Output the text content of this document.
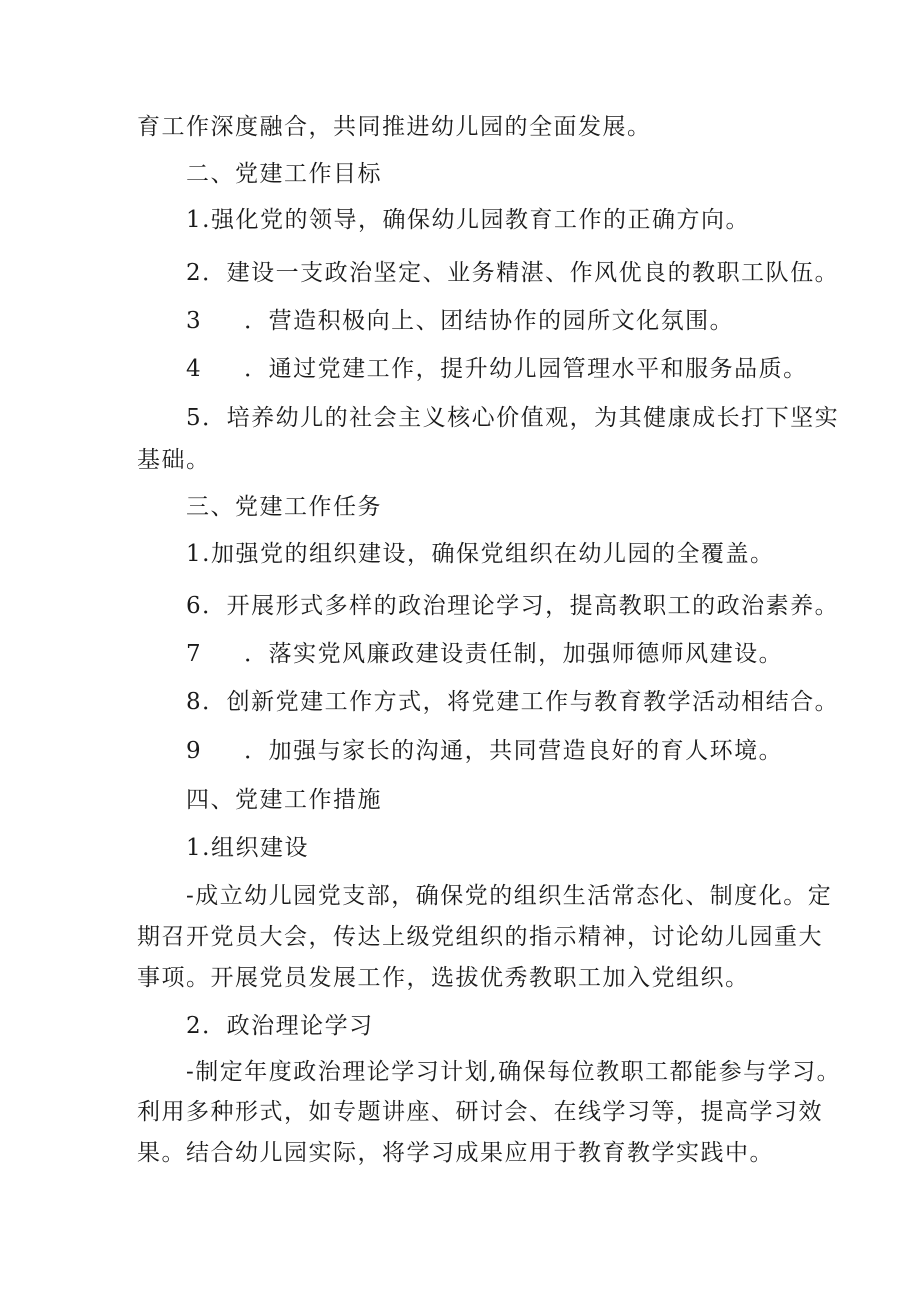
育工作深度融合，共同推进幼儿园的全面发展。
二、党建工作目标
1.强化党的领导，确保幼儿园教育工作的正确方向。
2．建设一支政治坚定、业务精湛、作风优良的教职工队伍。
3 ．营造积极向上、团结协作的园所文化氛围。
4 ．通过党建工作，提升幼儿园管理水平和服务品质。
5．培养幼儿的社会主义核心价值观，为其健康成长打下坚实
基础。
三、党建工作任务
1.加强党的组织建设，确保党组织在幼儿园的全覆盖。
6．开展形式多样的政治理论学习，提高教职工的政治素养。
7 ．落实党风廉政建设责任制，加强师德师风建设。
8．创新党建工作方式，将党建工作与教育教学活动相结合。
9 ．加强与家长的沟通，共同营造良好的育人环境。
四、党建工作措施
1.组织建设
-成立幼儿园党支部，确保党的组织生活常态化、制度化。定
期召开党员大会，传达上级党组织的指示精神，讨论幼儿园重大
事项。开展党员发展工作，选拔优秀教职工加入党组织。
2．政治理论学习
-制定年度政治理论学习计划,确保每位教职工都能参与学习。
利用多种形式，如专题讲座、研讨会、在线学习等，提高学习效
果。结合幼儿园实际，将学习成果应用于教育教学实践中。
